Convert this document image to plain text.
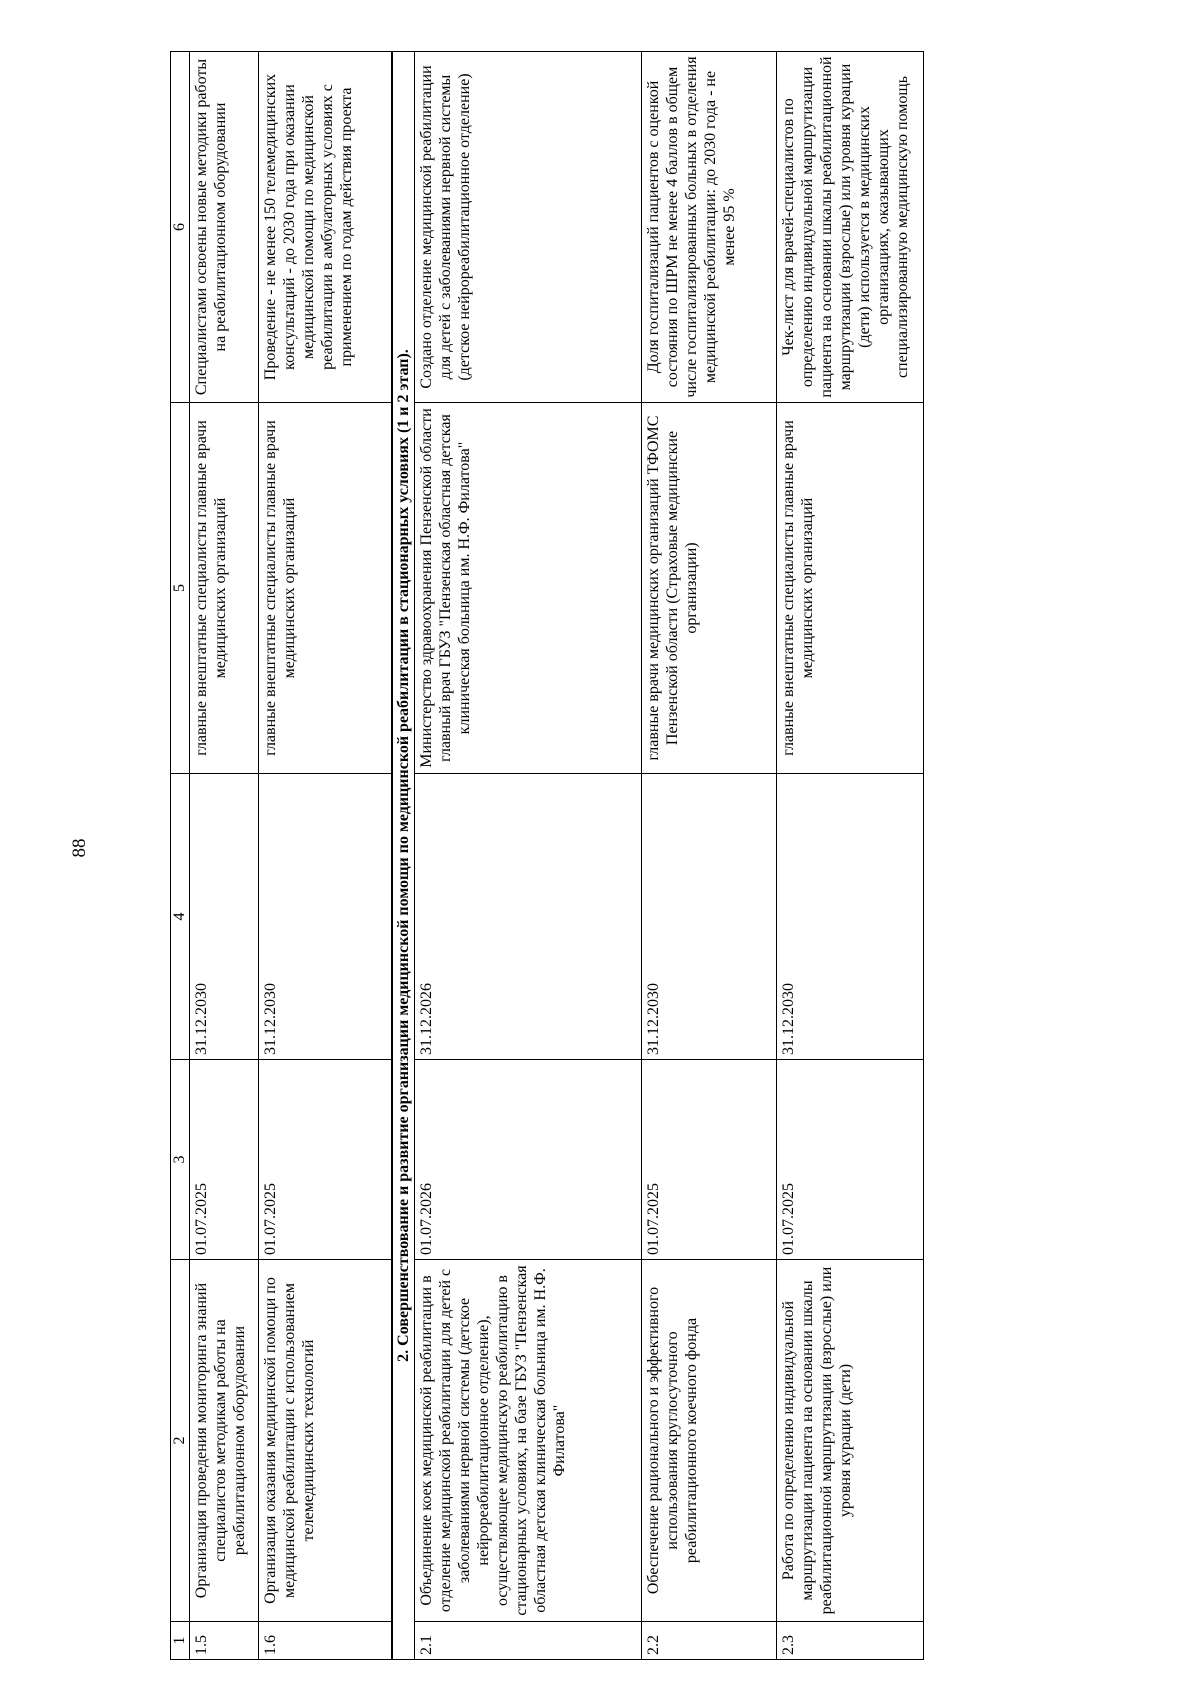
88
1	2	3	4	5	6
1.5	Организация проведения мониторинга знаний специалистов методикам работы на реабилитационном оборудовании	01.07.2025	31.12.2030	главные внештатные специалисты главные врачи медицинских организаций	Специалистами освоены новые методики работы на реабилитационном оборудовании
1.6	Организация оказания медицинской помощи по медицинской реабилитации с использованием телемедицинских технологий	01.07.2025	31.12.2030	главные внештатные специалисты главные врачи медицинских организаций	Проведение - не менее 150 телемедицинских консультаций - до 2030 года при оказании медицинской помощи по медицинской реабилитации в амбулаторных условиях с применением по годам действия проекта
2. Совершенствование и развитие организации медицинской помощи по медицинской реабилитации в стационарных условиях (1 и 2 этап).					
2.1	Объединение коек медицинской реабилитации в отделение медицинской реабилитации для детей с заболеваниями нервной системы (детское нейрореабилитационное отделение), осуществляющее медицинскую реабилитацию в стационарных условиях, на базе ГБУЗ "Пензенская областная детская клиническая больница им. Н.Ф. Филатова"	01.07.2026	31.12.2026	Министерство здравоохранения Пензенской области главный врач ГБУЗ "Пензенская областная детская клиническая больница им. Н.Ф. Филатова"	Создано отделение медицинской реабилитации для детей с заболеваниями нервной системы (детское нейрореабилитационное отделение)
2.2	Обеспечение рационального и эффективного использования круглосуточного реабилитационного коечного фонда	01.07.2025	31.12.2030	главные врачи медицинских организаций ТФОМС Пензенской области (Страховые медицинские организации)	Доля госпитализаций пациентов с оценкой состояния по ШРМ не менее 4 баллов в общем числе госпитализированных больных в отделения медицинской реабилитации: до 2030 года - не менее 95 %
2.3	Работа по определению индивидуальной маршрутизации пациента на основании шкалы реабилитационной маршрутизации (взрослые) или уровня курации (дети)	01.07.2025	31.12.2030	главные внештатные специалисты главные врачи медицинских организаций	Чек-лист для врачей-специалистов по определению индивидуальной маршрутизации пациента на основании шкалы реабилитационной маршрутизации (взрослые) или уровня курации (дети) используется в медицинских организациях, оказывающих специализированную медицинскую помощь
